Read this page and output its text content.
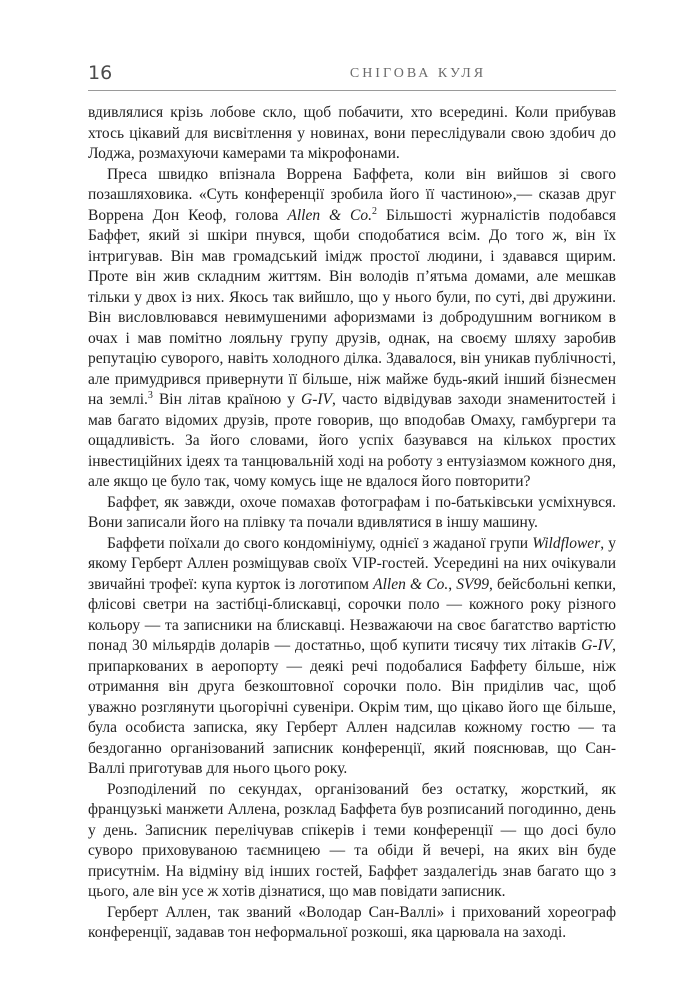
16	СНІГОВА КУЛЯ

вдивлялися крізь лобове скло, щоб побачити, хто всередині. Коли прибував хтось цікавий для висвітлення у новинах, вони переслідували свою здобич до Лоджа, розмахуючи камерами та мікрофонами.

Преса швидко впізнала Воррена Баффета, коли він вийшов зі свого позашляховика. «Суть конференції зробила його її частиною»,— сказав друг Воррена Дон Кеоф, голова Allen & Co.$^2$ Більшості журналістів подобався Баффет, який зі шкіри пнувся, щоби сподобатися всім. До того ж, він їх інтригував. Він мав громадський імідж простої людини, і здавався щирим. Проте він жив складним життям. Він володів п’ятьма домами, але мешкав тільки у двох із них. Якось так вийшло, що у нього були, по суті, дві дружини. Він висловлювався невимушеними афоризмами із добродушним вогником в очах і мав помітно лояльну групу друзів, однак, на своєму шляху заробив репутацію суворого, навіть холодного ділка. Здавалося, він уникав публічності, але примудрився привернути її більше, ніж майже будь-який інший бізнесмен на землі.$^3$ Він літав країною у G-IV, часто відвідував заходи знаменитостей і мав багато відомих друзів, проте говорив, що вподобав Омаху, гамбургери та ощадливість. За його словами, його успіх базувався на кількох простих інвестиційних ідеях та танцювальній ході на роботу з ентузіазмом кожного дня, але якщо це було так, чому комусь іще не вдалося його повторити?

Баффет, як завжди, охоче помахав фотографам і по-батьківськи усміхнувся. Вони записали його на плівку та почали вдивлятися в іншу машину.

Баффети поїхали до свого кондомініуму, однієї з жаданої групи Wildflower, у якому Герберт Аллен розміщував своїх VIP-гостей. Усередині на них очікували звичайні трофеї: купа курток із логотипом Allen & Co., SV99, бейсбольні кепки, флісові светри на застібці-блискавці, сорочки поло — кожного року різного кольору — та записники на блискавці. Незважаючи на своє багатство вартістю понад 30 мільярдів доларів — достатньо, щоб купити тисячу тих літаків G-IV, припаркованих в аеропорту — деякі речі подобалися Баффету більше, ніж отримання він друга безкоштовної сорочки поло. Він приділив час, щоб уважно розглянути цьогорічні сувеніри. Окрім тим, що цікаво його ще більше, була особиста записка, яку Герберт Аллен надсилав кожному гостю — та бездоганно організований записник конференції, який пояснював, що Сан-Валлі приготував для нього цього року.

Розподілений по секундах, організований без остатку, жорсткий, як французькі манжети Аллена, розклад Баффета був розписаний погодинно, день у день. Записник перелічував спікерів і теми конференції — що досі було суворо приховуваною таємницею — та обіди й вечері, на яких він буде присутнім. На відміну від інших гостей, Баффет заздалегідь знав багато що з цього, але він усе ж хотів дізнатися, що мав повідати записник.

Герберт Аллен, так званий «Володар Сан-Валлі» і прихований хореограф конференції, задавав тон неформальної розкоші, яка царювала на заході.
